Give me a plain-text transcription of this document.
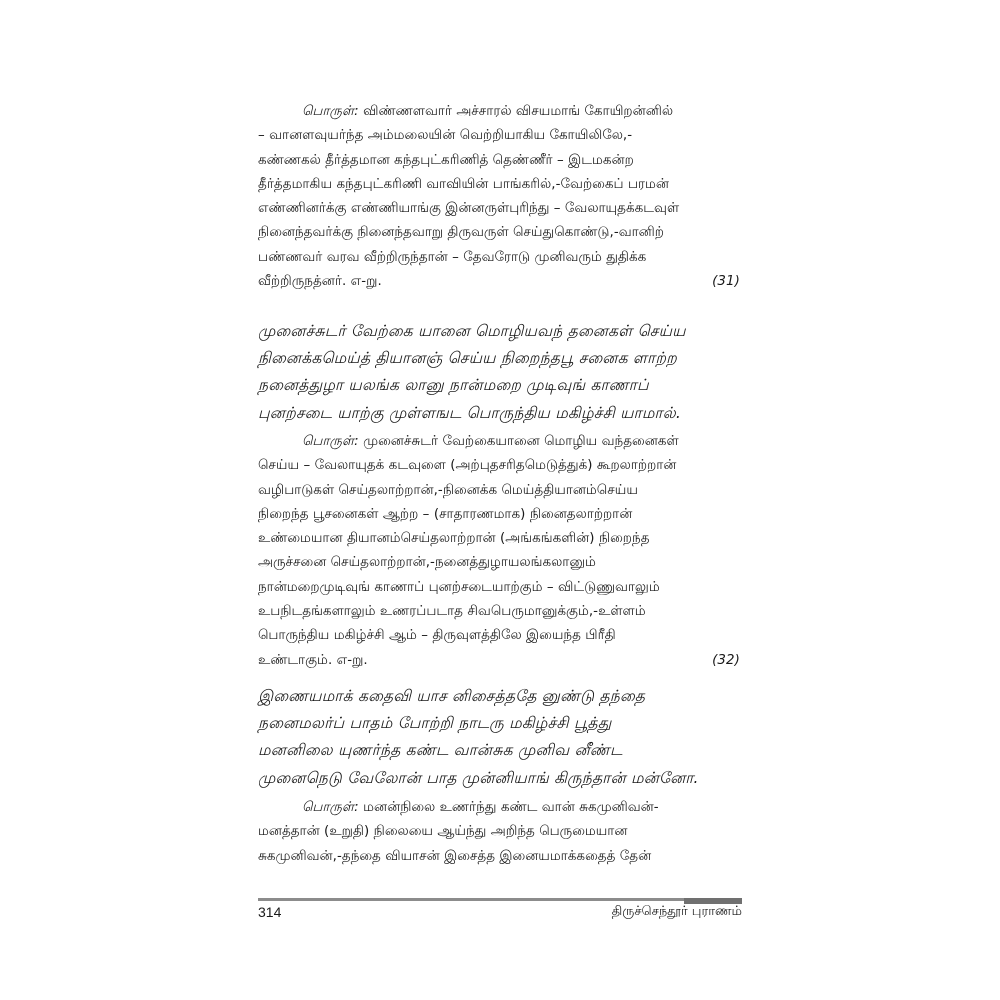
பொருள்: விண்ணளவார் அச்சாரல் விசயமாங் கோயிறன்னில்
– வானளவுயர்ந்த அம்மலையின் வெற்றியாகிய கோயிலிலே,-
கண்ணகல் தீர்த்தமான கந்தபுட்கரிணித் தெண்ணீர் – இடமகன்ற
தீர்த்தமாகிய கந்தபுட்கரிணி வாவியின் பாங்கரில்,-வேற்கைப் பரமன்
எண்ணினர்க்கு எண்ணியாங்கு இன்னருள்புரிந்து – வேலாயுதக்கடவுள்
நினைந்தவர்க்கு நினைந்தவாறு திருவருள் செய்துகொண்டு,-வானிற்
பண்ணவர் வரவ வீற்றிருந்தான் – தேவரோடு முனிவரும் துதிக்க
வீற்றிருநத்னர். எ-று.	(31)
முனைச்சுடர் வேற்கை யானை மொழியவந் தனைகள் செய்ய
நினைக்கமெய்த் தியானஞ் செய்ய நிறைந்தபூ சனைக ளாற்ற
நனைத்துழா யலங்க லானு நான்மறை முடிவுங் காணாப்
புனற்சடை யாற்கு முள்ளஙட பொருந்திய மகிழ்ச்சி யாமால்.
பொருள்: முனைச்சுடர் வேற்கையானை மொழிய வந்தனைகள்
செய்ய – வேலாயுதக் கடவுளை (அற்புதசரிதமெடுத்துக்) கூறலாற்றான்
வழிபாடுகள் செய்தலாற்றான்,-நினைக்க மெய்த்தியானம்செய்ய
நிறைந்த பூசனைகள் ஆற்ற – (சாதாரணமாக) நினைதலாற்றான்
உண்மையான தியானம்செய்தலாற்றான் (அங்கங்களின்) நிறைந்த
அருச்சனை செய்தலாற்றான்,-நனைத்துழாயலங்கலானும்
நான்மறைமுடிவுங் காணாப் புனற்சடையாற்கும் – விட்டுணுவாலும்
உபநிடதங்களாலும் உணரப்படாத சிவபெருமானுக்கும்,-உள்ளம்
பொருந்திய மகிழ்ச்சி ஆம் – திருவுளத்திலே இயைந்த பிரீதி
உண்டாகும். எ-று.	(32)
இணையமாக் கதைவி யாச னிசைத்ததே னுண்டு தந்தை
நனைமலர்ப் பாதம் போற்றி நாடரு மகிழ்ச்சி பூத்து
மனனிலை யுணர்ந்த கண்ட வான்சுக முனிவ னீண்ட
முனைநெடு வேலோன் பாத முன்னியாங் கிருந்தான் மன்னோ.
பொருள்: மனன்நிலை உணர்ந்து கண்ட வான் சுகமுனிவன்-
மனத்தான் (உறுதி) நிலையை ஆய்ந்து அறிந்த பெருமையான
சுகமுனிவன்,-தந்தை வியாசன் இசைத்த இனையமாக்கதைத் தேன்
314	திருச்செந்தூர் புராணம்
